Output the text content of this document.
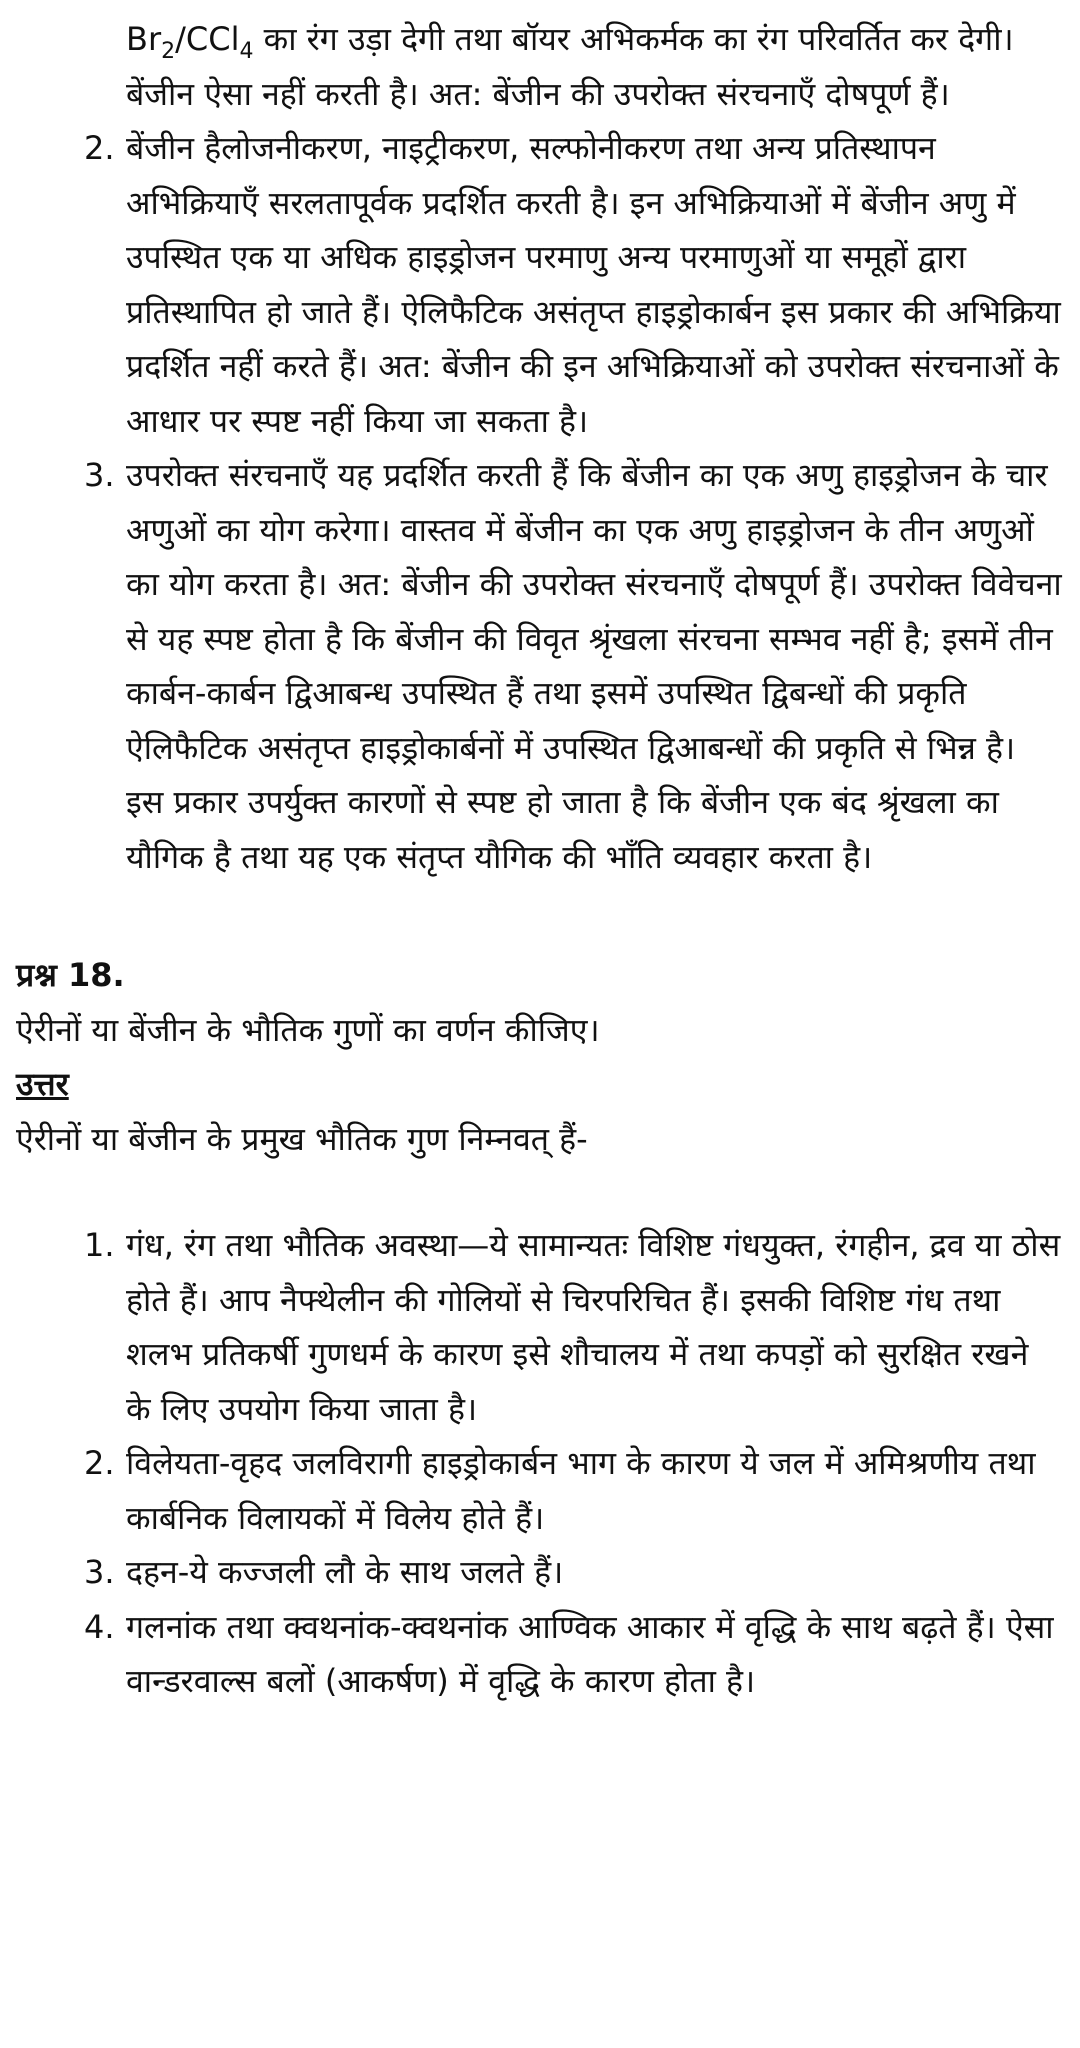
$Br_2/CCl_4$ का रंग उड़ा देगी तथा बॉयर अभिकर्मक का रंग परिवर्तित कर देगी। बेंजीन ऐसा नहीं करती है। अत: बेंजीन की उपरोक्त संरचनाएँ दोषपूर्ण हैं।
2. बेंजीन हैलोजनीकरण, नाइट्रीकरण, सल्फोनीकरण तथा अन्य प्रतिस्थापन अभिक्रियाएँ सरलतापूर्वक प्रदर्शित करती है। इन अभिक्रियाओं में बेंजीन अणु में उपस्थित एक या अधिक हाइड्रोजन परमाणु अन्य परमाणुओं या समूहों द्वारा प्रतिस्थापित हो जाते हैं। ऐलिफैटिक असंतृप्त हाइड्रोकार्बन इस प्रकार की अभिक्रिया प्रदर्शित नहीं करते हैं। अत: बेंजीन की इन अभिक्रियाओं को उपरोक्त संरचनाओं के आधार पर स्पष्ट नहीं किया जा सकता है।
3. उपरोक्त संरचनाएँ यह प्रदर्शित करती हैं कि बेंजीन का एक अणु हाइड्रोजन के चार अणुओं का योग करेगा। वास्तव में बेंजीन का एक अणु हाइड्रोजन के तीन अणुओं का योग करता है। अत: बेंजीन की उपरोक्त संरचनाएँ दोषपूर्ण हैं। उपरोक्त विवेचना से यह स्पष्ट होता है कि बेंजीन की विवृत श्रृंखला संरचना सम्भव नहीं है; इसमें तीन कार्बन-कार्बन द्विआबन्ध उपस्थित हैं तथा इसमें उपस्थित द्विबन्धों की प्रकृति ऐलिफैटिक असंतृप्त हाइड्रोकार्बनों में उपस्थित द्विआबन्धों की प्रकृति से भिन्न है। इस प्रकार उपर्युक्त कारणों से स्पष्ट हो जाता है कि बेंजीन एक बंद श्रृंखला का यौगिक है तथा यह एक संतृप्त यौगिक की भाँति व्यवहार करता है।

प्रश्न 18.

ऐरीनों या बेंजीन के भौतिक गुणों का वर्णन कीजिए।

उत्तर

ऐरीनों या बेंजीन के प्रमुख भौतिक गुण निम्नवत् हैं-

1. गंध, रंग तथा भौतिक अवस्था—ये सामान्यतः विशिष्ट गंधयुक्त, रंगहीन, द्रव या ठोस होते हैं। आप नैफ्थेलीन की गोलियों से चिरपरिचित हैं। इसकी विशिष्ट गंध तथा शलभ प्रतिकर्षी गुणधर्म के कारण इसे शौचालय में तथा कपड़ों को सुरक्षित रखने के लिए उपयोग किया जाता है।
2. विलेयता-वृहद जलविरागी हाइड्रोकार्बन भाग के कारण ये जल में अमिश्रणीय तथा कार्बनिक विलायकों में विलेय होते हैं।
3. दहन-ये कज्जली लौ के साथ जलते हैं।
4. गलनांक तथा क्वथनांक-क्वथनांक आण्विक आकार में वृद्धि के साथ बढ़ते हैं। ऐसा वान्डरवाल्स बलों (आकर्षण) में वृद्धि के कारण होता है।
